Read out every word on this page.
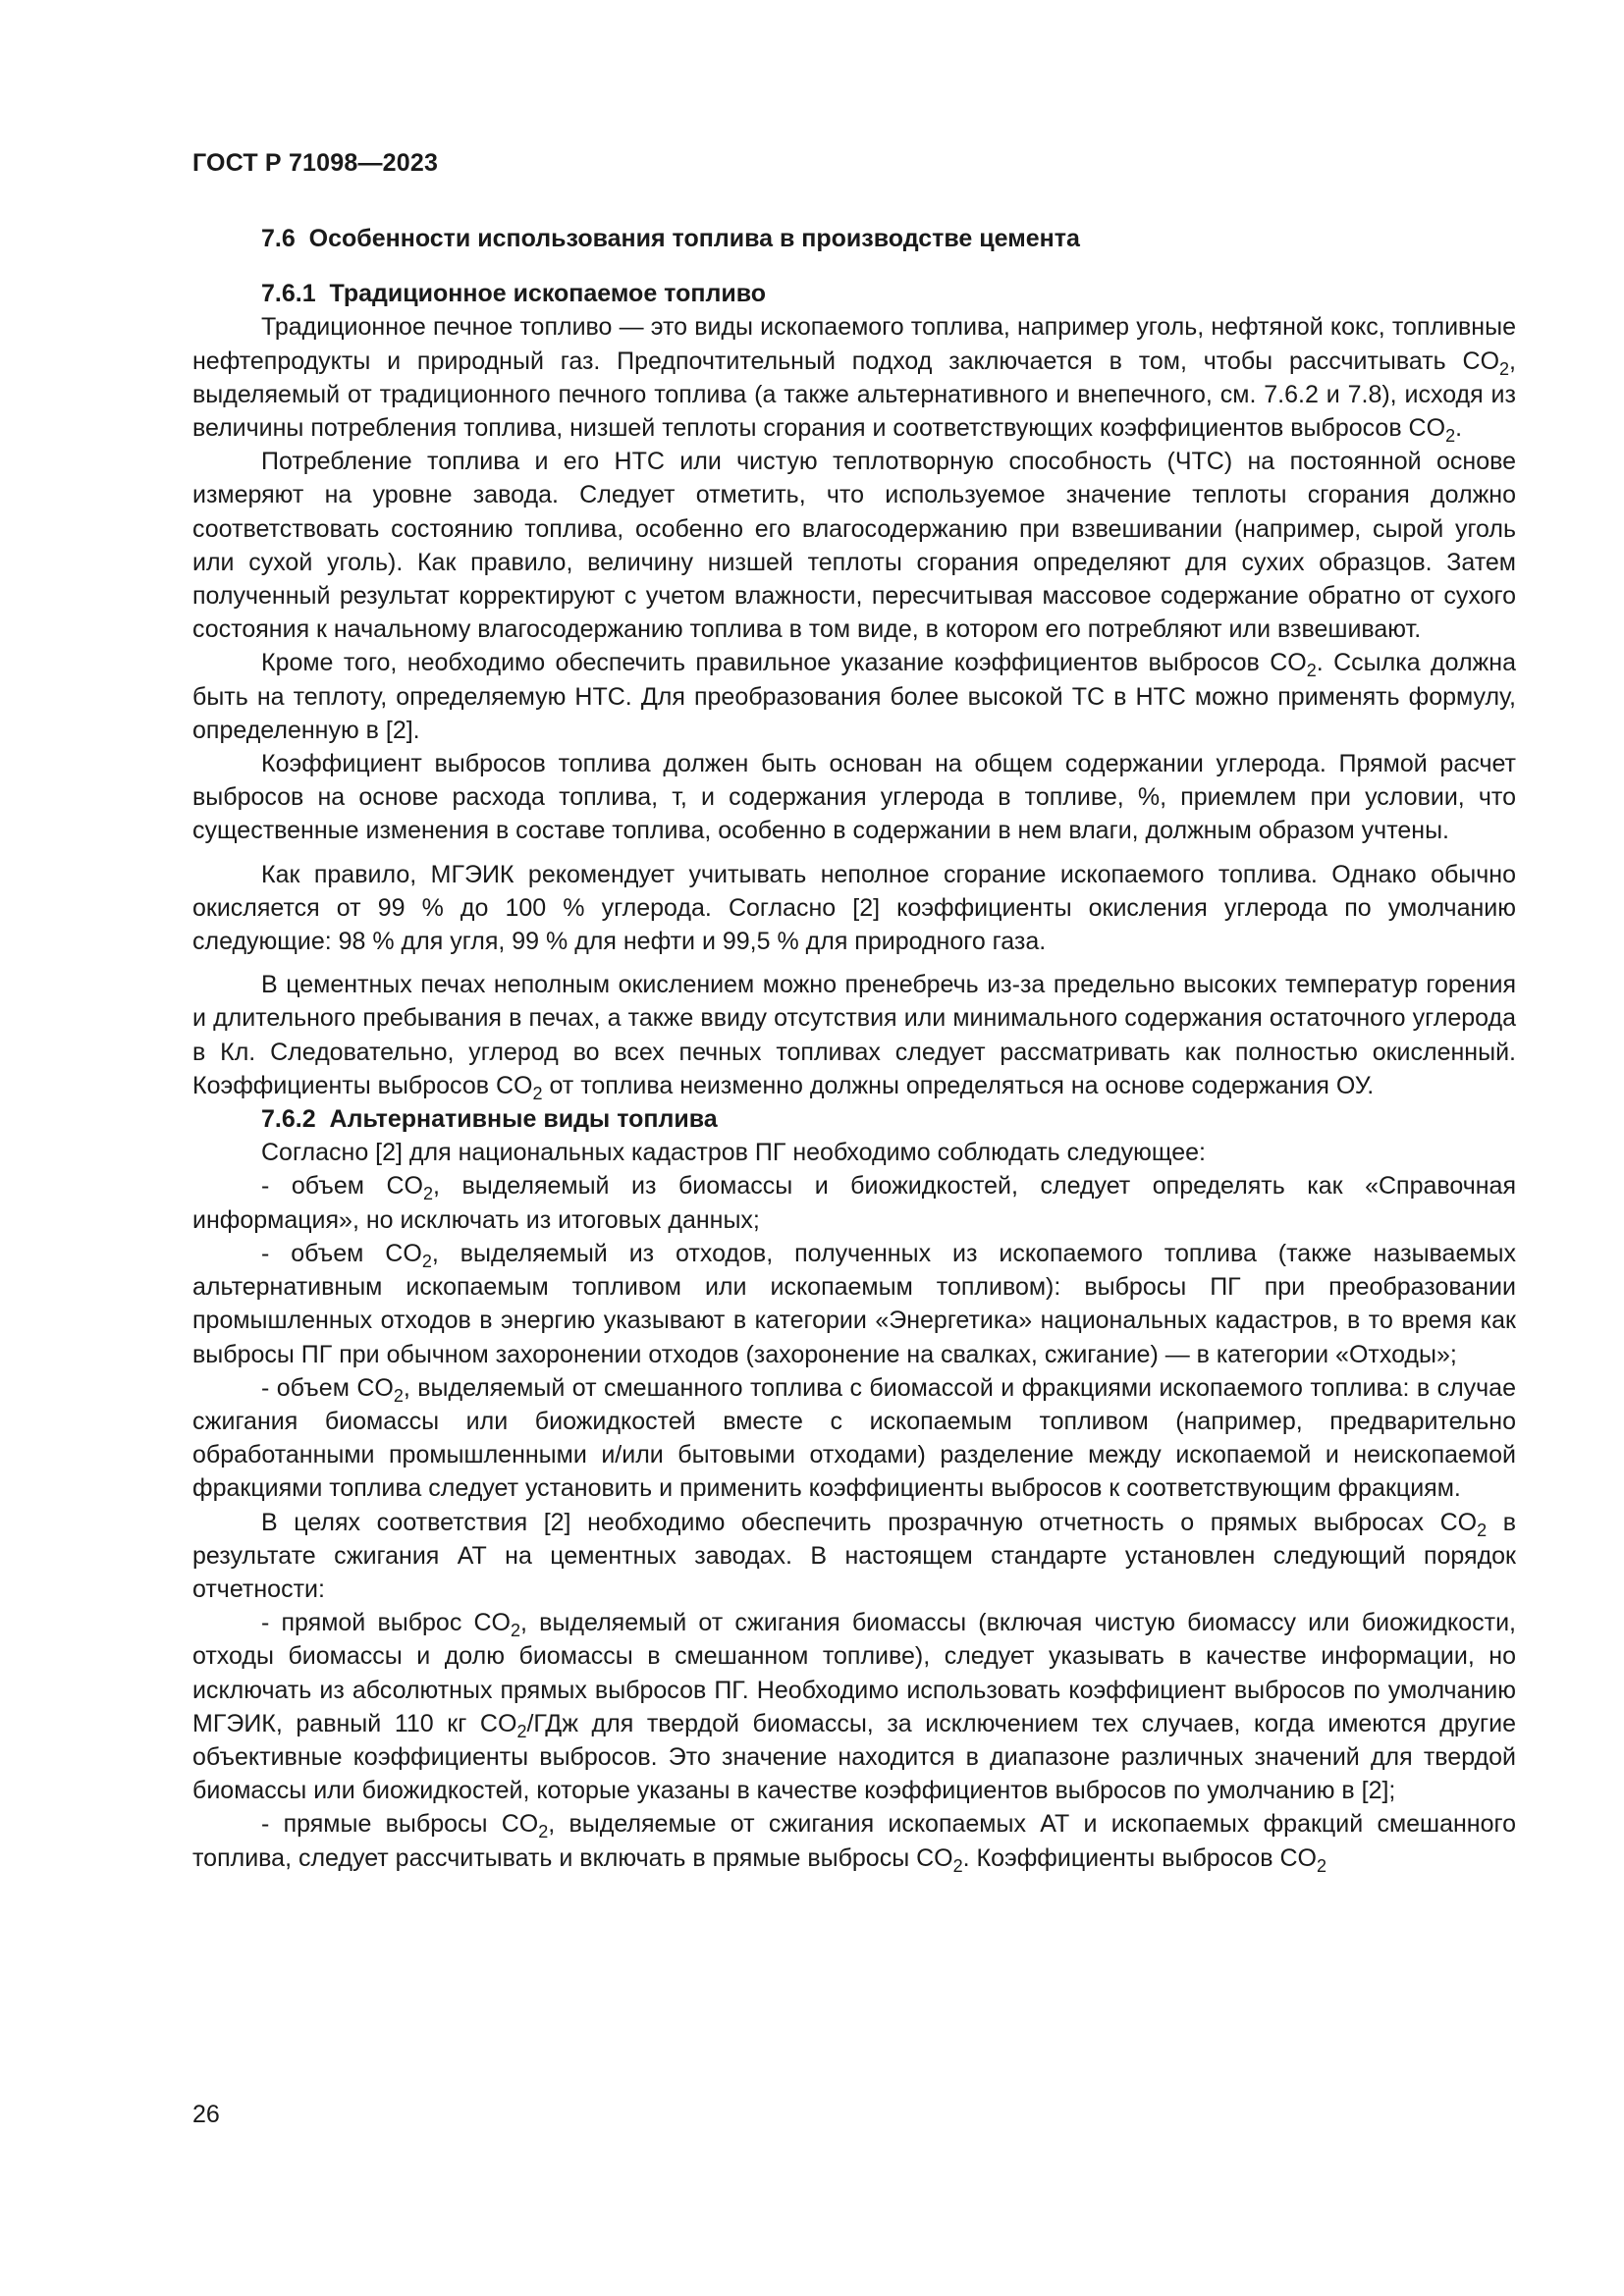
ГОСТ Р 71098—2023

7.6 Особенности использования топлива в производстве цемента

7.6.1 Традиционное ископаемое топливо

Традиционное печное топливо — это виды ископаемого топлива, например уголь, нефтяной кокс, топливные нефтепродукты и природный газ. Предпочтительный подход заключается в том, чтобы рассчитывать $CO_2$, выделяемый от традиционного печного топлива (а также альтернативного и внепечного, см. 7.6.2 и 7.8), исходя из величины потребления топлива, низшей теплоты сгорания и соответствующих коэффициентов выбросов $CO_2$.

Потребление топлива и его НТС или чистую теплотворную способность (ЧТС) на постоянной основе измеряют на уровне завода. Следует отметить, что используемое значение теплоты сгорания должно соответствовать состоянию топлива, особенно его влагосодержанию при взвешивании (например, сырой уголь или сухой уголь). Как правило, величину низшей теплоты сгорания определяют для сухих образцов. Затем полученный результат корректируют с учетом влажности, пересчитывая массовое содержание обратно от сухого состояния к начальному влагосодержанию топлива в том виде, в котором его потребляют или взвешивают.

Кроме того, необходимо обеспечить правильное указание коэффициентов выбросов $CO_2$. Ссылка должна быть на теплоту, определяемую НТС. Для преобразования более высокой ТС в НТС можно применять формулу, определенную в [2].

Коэффициент выбросов топлива должен быть основан на общем содержании углерода. Прямой расчет выбросов на основе расхода топлива, т, и содержания углерода в топливе, %, приемлем при условии, что существенные изменения в составе топлива, особенно в содержании в нем влаги, должным образом учтены.

Как правило, МГЭИК рекомендует учитывать неполное сгорание ископаемого топлива. Однако обычно окисляется от 99 % до 100 % углерода. Согласно [2] коэффициенты окисления углерода по умолчанию следующие: 98 % для угля, 99 % для нефти и 99,5 % для природного газа.

В цементных печах неполным окислением можно пренебречь из-за предельно высоких температур горения и длительного пребывания в печах, а также ввиду отсутствия или минимального содержания остаточного углерода в Кл. Следовательно, углерод во всех печных топливах следует рассматривать как полностью окисленный. Коэффициенты выбросов $CO_2$ от топлива неизменно должны определяться на основе содержания ОУ.

7.6.2 Альтернативные виды топлива

Согласно [2] для национальных кадастров ПГ необходимо соблюдать следующее:

- объем $CO_2$, выделяемый из биомассы и биожидкостей, следует определять как «Справочная информация», но исключать из итоговых данных;

- объем $CO_2$, выделяемый из отходов, полученных из ископаемого топлива (также называемых альтернативным ископаемым топливом или ископаемым топливом): выбросы ПГ при преобразовании промышленных отходов в энергию указывают в категории «Энергетика» национальных кадастров, в то время как выбросы ПГ при обычном захоронении отходов (захоронение на свалках, сжигание) — в категории «Отходы»;

- объем $CO_2$, выделяемый от смешанного топлива с биомассой и фракциями ископаемого топлива: в случае сжигания биомассы или биожидкостей вместе с ископаемым топливом (например, предварительно обработанными промышленными и/или бытовыми отходами) разделение между ископаемой и неископаемой фракциями топлива следует установить и применить коэффициенты выбросов к соответствующим фракциям.

В целях соответствия [2] необходимо обеспечить прозрачную отчетность о прямых выбросах $CO_2$ в результате сжигания АТ на цементных заводах. В настоящем стандарте установлен следующий порядок отчетности:

- прямой выброс $CO_2$, выделяемый от сжигания биомассы (включая чистую биомассу или биожидкости, отходы биомассы и долю биомассы в смешанном топливе), следует указывать в качестве информации, но исключать из абсолютных прямых выбросов ПГ. Необходимо использовать коэффициент выбросов по умолчанию МГЭИК, равный 110 кг $CO_2$/ГДж для твердой биомассы, за исключением тех случаев, когда имеются другие объективные коэффициенты выбросов. Это значение находится в диапазоне различных значений для твердой биомассы или биожидкостей, которые указаны в качестве коэффициентов выбросов по умолчанию в [2];

- прямые выбросы $CO_2$, выделяемые от сжигания ископаемых АТ и ископаемых фракций смешанного топлива, следует рассчитывать и включать в прямые выбросы $CO_2$. Коэффициенты выбросов $CO_2$

26
